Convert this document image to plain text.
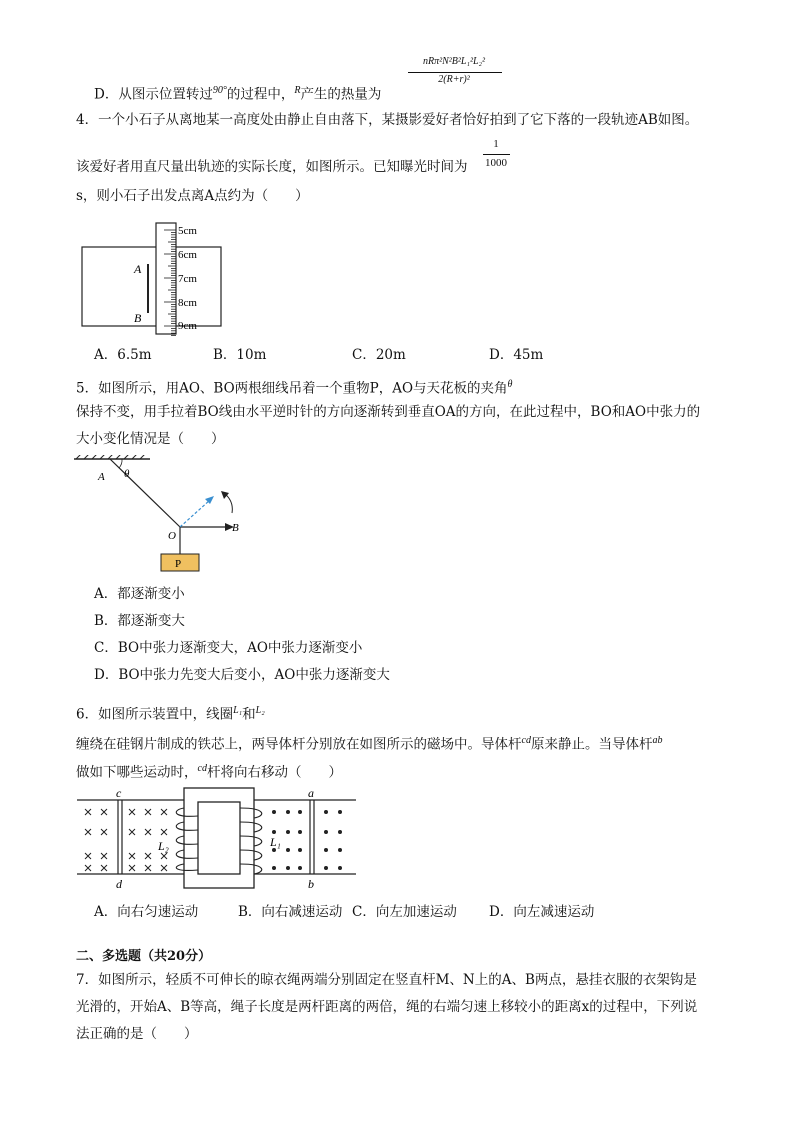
D．从图示位置转过$^{90^\circ}$的过程中，$^R$产生的热量为
nRπ²N²B²L₁²L₂²
2(R+r)²
4．一个小石子从离地某一高度处由静止自由落下，某摄影爱好者恰好拍到了它下落的一段轨迹AB如图。
该爱好者用直尺量出轨迹的实际长度，如图所示。已知曝光时间为
1
1000
s，则小石子出发点离A点约为（　　）
A
B
5cm
6cm
7cm
8cm
9cm
A．6.5m	B．10m	C．20m	D．45m
5．如图所示，用AO、BO两根细线吊着一个重物P，AO与天花板的夹角$^\theta$
保持不变，用手拉着BO线由水平逆时针的方向逐渐转到垂直OA的方向，在此过程中，BO和AO中张力的
大小变化情况是（　　）
A θ
B
O
P
A．都逐渐变小
B．都逐渐变大
C．BO中张力逐渐变大，AO中张力逐渐变小
D．BO中张力先变大后变小，AO中张力逐渐变大
6．如图所示装置中，线圈$^{L_1}$和$^{L_2}$
缠绕在硅钢片制成的铁芯上，两导体杆分别放在如图所示的磁场中。导体杆$^{cd}$原来静止。当导体杆$^{ab}$
做如下哪些运动时，$^{cd}$杆将向右移动（　　）
c
d
a
b
L₂	L₁
A．向右匀速运动	B．向右减速运动 C．向左加速运动 D．向左减速运动
二、多选题（共20分）
7．如图所示，轻质不可伸长的晾衣绳两端分别固定在竖直杆M、N上的A、B两点，悬挂衣服的衣架钩是
光滑的，开始A、B等高，绳子长度是两杆距离的两倍，绳的右端匀速上移较小的距离x的过程中，下列说
法正确的是（　　）
